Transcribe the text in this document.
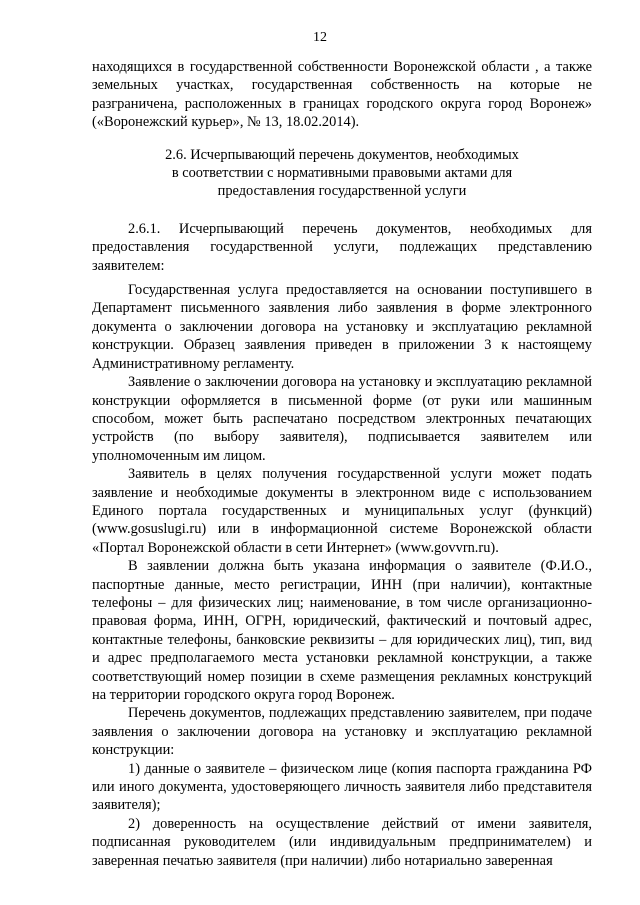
12

находящихся в государственной собственности Воронежской области , а также земельных участках, государственная собственность на которые не разграничена, расположенных в границах городского округа город Воронеж» («Воронежский курьер», № 13, 18.02.2014).

2.6. Исчерпывающий перечень документов, необходимых
в соответствии с нормативными правовыми актами для
предоставления государственной услуги

2.6.1. Исчерпывающий перечень документов, необходимых для предоставления государственной услуги, подлежащих представлению заявителем:

Государственная услуга предоставляется на основании поступившего в Департамент письменного заявления либо заявления в форме электронного документа о заключении договора на установку и эксплуатацию рекламной конструкции. Образец заявления приведен в приложении 3 к настоящему Административному регламенту.

Заявление о заключении договора на установку и эксплуатацию рекламной конструкции оформляется в письменной форме (от руки или машинным способом, может быть распечатано посредством электронных печатающих устройств (по выбору заявителя), подписывается заявителем или уполномоченным им лицом.

Заявитель в целях получения государственной услуги может подать заявление и необходимые документы в электронном виде с использованием Единого портала государственных и муниципальных услуг (функций) (www.gosuslugi.ru) или в информационной системе Воронежской области «Портал Воронежской области в сети Интернет» (www.govvrn.ru).

В заявлении должна быть указана информация о заявителе (Ф.И.О., паспортные данные, место регистрации, ИНН (при наличии), контактные телефоны – для физических лиц; наименование, в том числе организационно-правовая форма, ИНН, ОГРН, юридический, фактический и почтовый адрес, контактные телефоны, банковские реквизиты – для юридических лиц), тип, вид и адрес предполагаемого места установки рекламной конструкции, а также соответствующий номер позиции в схеме размещения рекламных конструкций на территории городского округа город Воронеж.

Перечень документов, подлежащих представлению заявителем, при подаче заявления о заключении договора на установку и эксплуатацию рекламной конструкции:

1) данные о заявителе – физическом лице (копия паспорта гражданина РФ или иного документа, удостоверяющего личность заявителя либо представителя заявителя);

2) доверенность на осуществление действий от имени заявителя, подписанная руководителем (или индивидуальным предпринимателем) и заверенная печатью заявителя (при наличии) либо нотариально заверенная
